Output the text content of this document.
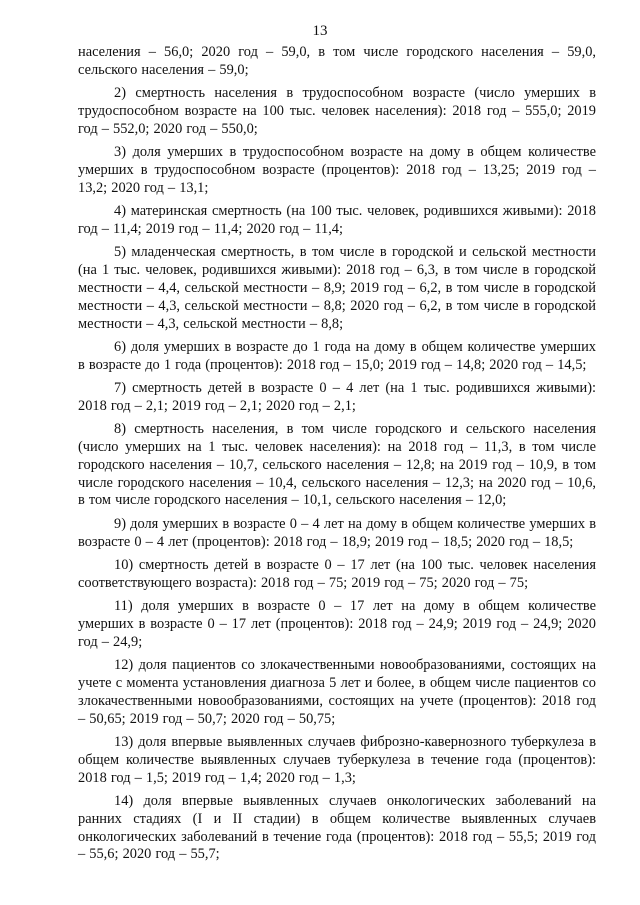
13

населения – 56,0; 2020 год – 59,0, в том числе городского населения – 59,0, сельского населения – 59,0;

2) смертность населения в трудоспособном возрасте (число умерших в трудоспособном возрасте на 100 тыс. человек населения): 2018 год – 555,0; 2019 год – 552,0; 2020 год – 550,0;

3) доля умерших в трудоспособном возрасте на дому в общем количестве умерших в трудоспособном возрасте (процентов): 2018 год – 13,25; 2019 год – 13,2; 2020 год – 13,1;

4) материнская смертность (на 100 тыс. человек, родившихся живыми): 2018 год – 11,4; 2019 год – 11,4; 2020 год – 11,4;

5) младенческая смертность, в том числе в городской и сельской местности (на 1 тыс. человек, родившихся живыми): 2018 год – 6,3, в том числе в городской местности – 4,4, сельской местности – 8,9; 2019 год – 6,2, в том числе в городской местности – 4,3, сельской местности – 8,8; 2020 год – 6,2, в том числе в городской местности – 4,3, сельской местности – 8,8;

6) доля умерших в возрасте до 1 года на дому в общем количестве умерших в возрасте до 1 года (процентов): 2018 год – 15,0; 2019 год – 14,8; 2020 год – 14,5;

7) смертность детей в возрасте 0 – 4 лет (на 1 тыс. родившихся живыми): 2018 год – 2,1; 2019 год – 2,1; 2020 год – 2,1;

8) смертность населения, в том числе городского и сельского населения (число умерших на 1 тыс. человек населения): на 2018 год – 11,3, в том числе городского населения – 10,7, сельского населения – 12,8; на 2019 год – 10,9, в том числе городского населения – 10,4, сельского населения – 12,3; на 2020 год – 10,6, в том числе городского населения – 10,1, сельского населения – 12,0;

9) доля умерших в возрасте 0 – 4 лет на дому в общем количестве умерших в возрасте 0 – 4 лет (процентов): 2018 год – 18,9; 2019 год – 18,5; 2020 год – 18,5;

10) смертность детей в возрасте 0 – 17 лет (на 100 тыс. человек населения соответствующего возраста): 2018 год – 75; 2019 год – 75; 2020 год – 75;

11) доля умерших в возрасте 0 – 17 лет на дому в общем количестве умерших в возрасте 0 – 17 лет (процентов): 2018 год – 24,9; 2019 год – 24,9; 2020 год – 24,9;

12) доля пациентов со злокачественными новообразованиями, состоящих на учете с момента установления диагноза 5 лет и более, в общем числе пациентов со злокачественными новообразованиями, состоящих на учете (процентов): 2018 год – 50,65; 2019 год – 50,7; 2020 год – 50,75;

13) доля впервые выявленных случаев фиброзно-кавернозного туберкулеза в общем количестве выявленных случаев туберкулеза в течение года (процентов): 2018 год – 1,5; 2019 год – 1,4; 2020 год – 1,3;

14) доля впервые выявленных случаев онкологических заболеваний на ранних стадиях (I и II стадии) в общем количестве выявленных случаев онкологических заболеваний в течение года (процентов): 2018 год – 55,5; 2019 год – 55,6; 2020 год – 55,7;
